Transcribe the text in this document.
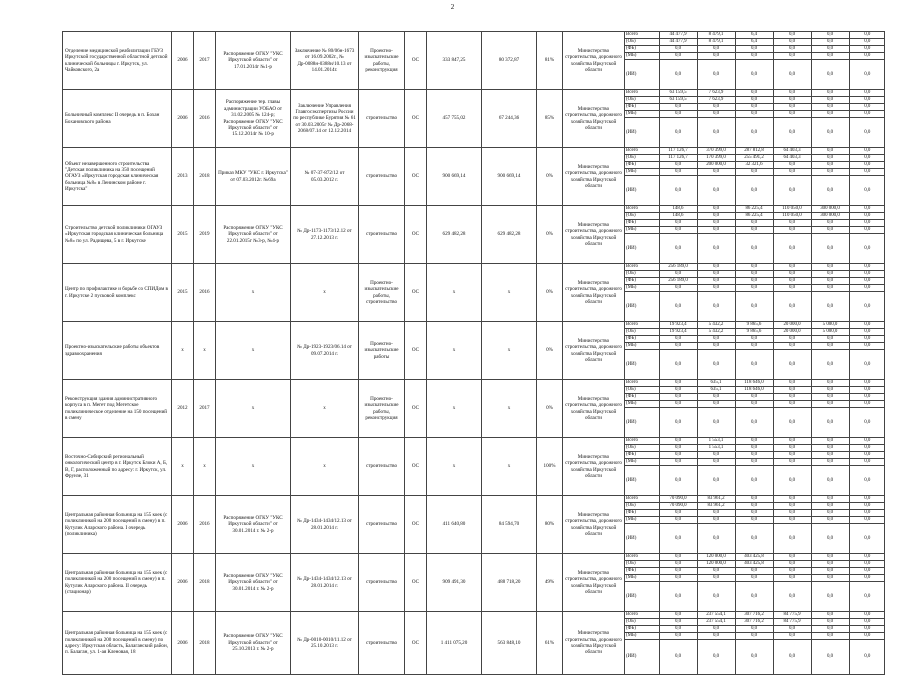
2
Отделение медицинской реабилитации ГБУЗ Иркутской государственной областной детской клинической больницы г. Иркутск, ул. Чайковского, 2а	2006	2017	Распоряжение ОГКУ "УКС Иркутской области" от 17.01.2014г №1-р	Заключение № 80/06н-1673 от 16.09.2002г., № Др-0088н-0388н/10.13 от 14.01.2014г.	Проектно-изыскательские работы, реконструкция	ОС	333 847,25	80 372,87	81%	Министерство строительства, дорожного хозяйства Иркутской области	
Всего	44 477,9	8 479,1	6,4	0,0	0,0	0,0
(ОБ)	44 477,9	8 479,1	6,4	0,0	0,0	0,0
(ФБ)	0,0	0,0	0,0	0,0	0,0	0,0
(МБ)	0,0	0,0	0,0	0,0	0,0	0,0
(ИИ)	0,0	0,0	0,0	0,0	0,0	0,0

Больничный комплекс II очередь в п. Бохан Бохановского района	2006	2016	Распоряжение тер. главы администрации УОБАО от 31.02.2005 № 124-р; Распоряжение ОГКУ "УКС Иркутской области" от 15.12.2014г № 10-р	Заключение Управления Главгосэкспертизы России по республике Бурятия № 61 от 30.03.2005г № Др-2068-2068/07.14 от 12.12.2014	строительство	ОС	457 755,02	67 244,36	85%	Министерство строительства, дорожного хозяйства Иркутской области	
Всего	63 159,5	7 623,9	0,0	0,0	0,0	0,0
(ОБ)	63 159,5	7 623,9	0,0	0,0	0,0	0,0
(ФБ)	0,0	0,0	0,0	0,0	0,0	0,0
(МБ)	0,0	0,0	0,0	0,0	0,0	0,0
(ИИ)	0,0	0,0	0,0	0,0	0,0	0,0

Объект незавершенного строительства "Детская поликлиника на 350 посещений ОГАУЗ «Иркутская городская клиническая больница №8» в Ленинском районе г. Иркутска"	2013	2018	Приказ МКУ "УКС г. Иркутска" от 07.03.2012г. №69а	№ 07-37-872/12 от 05.03.2012 г.	строительство	ОС	900 669,14	900 669,14	0%	Министерство строительства, дорожного хозяйства Иркутской области	
Всего	117 126,7	370 399,0	287 812,8	64 403,3	0,0	0,0
(ОБ)	117 126,7	170 399,0	255 491,2	64 403,3	0,0	0,0
(ФБ)	0,0	200 000,0	32 321,6	0,0	0,0	0,0
(МБ)	0,0	0,0	0,0	0,0	0,0	0,0
(ИИ)	0,0	0,0	0,0	0,0	0,0	0,0

Строительство детской поликлиники ОГАУЗ «Иркутская городская клиническая больница №8» по ул. Радищева, 5 в г. Иркутске	2015	2019	Распоряжение ОГКУ "УКС Иркутской области" от 22.01.2015г №3-р, №4-р	№ Др-1173-1173/12.12 от 27.12.2013 г.	строительство	ОС	629 482,28	629 482,28	0%	Министерство строительства, дорожного хозяйства Иркутской области	
Всего	148,6	0,0	86 225,4	110 050,0	300 000,0	0,0
(ОБ)	148,6	0,0	86 225,4	110 050,0	300 000,0	0,0
(ФБ)	0,0	0,0	0,0	0,0	0,0	0,0
(МБ)	0,0	0,0	0,0	0,0	0,0	0,0
(ИИ)	0,0	0,0	0,0	0,0	0,0	0,0

Центр по профилактике и борьбе со СПИДом в г. Иркутске 2 пусковой комплекс	2015	2016	х	х	Проектно-изыскательские работы, строительство	ОС	х	х	0%	Министерство строительства, дорожного хозяйства Иркутской области	
Всего	256 189,0	0,0	0,0	0,0	0,0	0,0
(ОБ)	0,0	0,0	0,0	0,0	0,0	0,0
(ФБ)	256 189,0	0,0	0,0	0,0	0,0	0,0
(МБ)	0,0	0,0	0,0	0,0	0,0	0,0
(ИИ)	0,0	0,0	0,0	0,0	0,0	0,0

Проектно-изыскательские работы объектов здравоохранения	х	х	х	№ Др-1923-1923/06.14 от 09.07.2014 г.	Проектно-изыскательские работы	ОС	х	х	0%	Министерство строительства, дорожного хозяйства Иркутской области	
Всего	19 923,4	5 432,2	9 865,6	20 000,0	5 000,0	0,0
(ОБ)	19 923,4	5 432,2	9 865,6	20 000,0	5 000,0	0,0
(ФБ)	0,0	0,0	0,0	0,0	0,0	0,0
(МБ)	0,0	0,0	0,0	0,0	0,0	0,0
(ИИ)	0,0	0,0	0,0	0,0	0,0	0,0

Реконструкция здания административного корпуса в п. Мегет под Мегетское поликлиническое отделение на 150 посещений в смену	2012	2017	х	х	Проектно-изыскательские работы, реконструкция	ОС	х	х	0%	Министерство строительства, дорожного хозяйства Иркутской области	
Всего	0,0	635,1	118 646,0	0,0	0,0	0,0
(ОБ)	0,0	635,1	118 646,0	0,0	0,0	0,0
(ФБ)	0,0	0,0	0,0	0,0	0,0	0,0
(МБ)	0,0	0,0	0,0	0,0	0,0	0,0
(ИИ)	0,0	0,0	0,0	0,0	0,0	0,0

Восточно-Сибирский региональный онкологический центр в г. Иркутск Блоки А, Б, В, Г, расположенный по адресу: г. Иркутск, ул. Фрунзе, 31	х	х	х	х	строительство	ОС	х	х	100%	Министерство строительства, дорожного хозяйства Иркутской области	
Всего	0,0	1 553,1	0,0	0,0	0,0	0,0
(ОБ)	0,0	1 553,1	0,0	0,0	0,0	0,0
(ФБ)	0,0	0,0	0,0	0,0	0,0	0,0
(МБ)	0,0	0,0	0,0	0,0	0,0	0,0
(ИИ)	0,0	0,0	0,0	0,0	0,0	0,0

Центральная районная больница на 155 коек (с поликлиникой на 200 посещений в смену) в п. Кутулик Аларского района. I очередь (поликлиника)	2006	2016	Распоряжение ОГКУ "УКС Иркутской области" от 30.01.2014 г. № 2-р	№ Др-1434-1434/12.13 от 28.01.2014 г.	строительство	ОС	411 640,80	84 594,70	80%	Министерство строительства, дорожного хозяйства Иркутской области	
Всего	70 090,0	83 961,2	0,0	0,0	0,0	0,0
(ОБ)	70 090,0	83 961,2	0,0	0,0	0,0	0,0
(ФБ)	0,0	0,0	0,0	0,0	0,0	0,0
(МБ)	0,0	0,0	0,0	0,0	0,0	0,0
(ИИ)	0,0	0,0	0,0	0,0	0,0	0,0

Центральная районная больница на 155 коек (с поликлиникой на 200 посещений в смену) в п. Кутулик Аларского района. II очередь (стационар)	2006	2018	Распоряжение ОГКУ "УКС Иркутской области" от 30.01.2014 г. № 2-р	№ Др-1434-1434/12.13 от 28.01.2014 г.	строительство	ОС	909 491,30	488 718,20	49%	Министерство строительства, дорожного хозяйства Иркутской области	
Всего	0,0	120 000,0	403 425,8	0,0	0,0	0,0
(ОБ)	0,0	120 000,0	403 425,8	0,0	0,0	0,0
(ФБ)	0,0	0,0	0,0	0,0	0,0	0,0
(МБ)	0,0	0,0	0,0	0,0	0,0	0,0
(ИИ)	0,0	0,0	0,0	0,0	0,0	0,0

Центральная районная больница на 155 коек (с поликлиникой на 200 посещений в смену) по адресу: Иркутская область, Балаганский район, п. Балаган, ул. 1-ая Кленовая, 18	2006	2018	Распоряжение ОГКУ "УКС Иркутской области" от 25.10.2013 г. № 2-р	№ Др-0010-0010/11.12 от 25.10.2013 г.	строительство	ОС	1 411 075,20	563 848,10	61%	Министерство строительства, дорожного хозяйства Иркутской области	
Всего	0,0	237 554,1	307 716,2	84 775,9	0,0	0,0
(ОБ)	0,0	237 554,1	307 716,2	84 775,9	0,0	0,0
(ФБ)	0,0	0,0	0,0	0,0	0,0	0,0
(МБ)	0,0	0,0	0,0	0,0	0,0	0,0
(ИИ)	0,0	0,0	0,0	0,0	0,0	0,0
